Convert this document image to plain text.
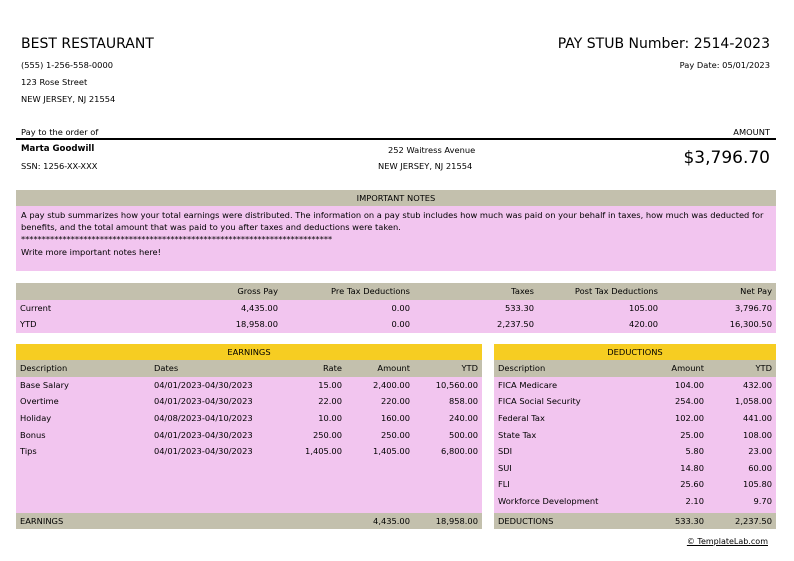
BEST RESTAURANT
(555) 1-256-558-0000
123 Rose Street
NEW JERSEY, NJ 21554
PAY STUB Number: 2514-2023
Pay Date: 05/01/2023
Pay to the order of	AMOUNT
Marta Goodwill
SSN: 1256-XX-XXX
252 Waitress Avenue
NEW JERSEY, NJ 21554	$3,796.70
IMPORTANT NOTES
A pay stub summarizes how your total earnings were distributed. The information on a pay stub includes how much was paid on your behalf in taxes, how much was deducted for
benefits, and the total amount that was paid to you after taxes and deductions were taken.
***************************************************************************
Write more important notes here!
	Gross Pay	Pre Tax Deductions	Taxes	Post Tax Deductions	Net Pay
Current	4,435.00	0.00	533.30	105.00	3,796.70
YTD	18,958.00	0.00	2,237.50	420.00	16,300.50
EARNINGS
Description	Dates	Rate	Amount	YTD
Base Salary	04/01/2023-04/30/2023	15.00	2,400.00	10,560.00
Overtime	04/01/2023-04/30/2023	22.00	220.00	858.00
Holiday	04/08/2023-04/10/2023	10.00	160.00	240.00
Bonus	04/01/2023-04/30/2023	250.00	250.00	500.00
Tips	04/01/2023-04/30/2023	1,405.00	1,405.00	6,800.00
EARNINGS			4,435.00	18,958.00
DEDUCTIONS
Description	Amount	YTD
FICA Medicare	104.00	432.00
FICA Social Security	254.00	1,058.00
Federal Tax	102.00	441.00
State Tax	25.00	108.00
SDI	5.80	23.00
SUI	14.80	60.00
FLI	25.60	105.80
Workforce Development	2.10	9.70
DEDUCTIONS	533.30	2,237.50
© TemplateLab.com
